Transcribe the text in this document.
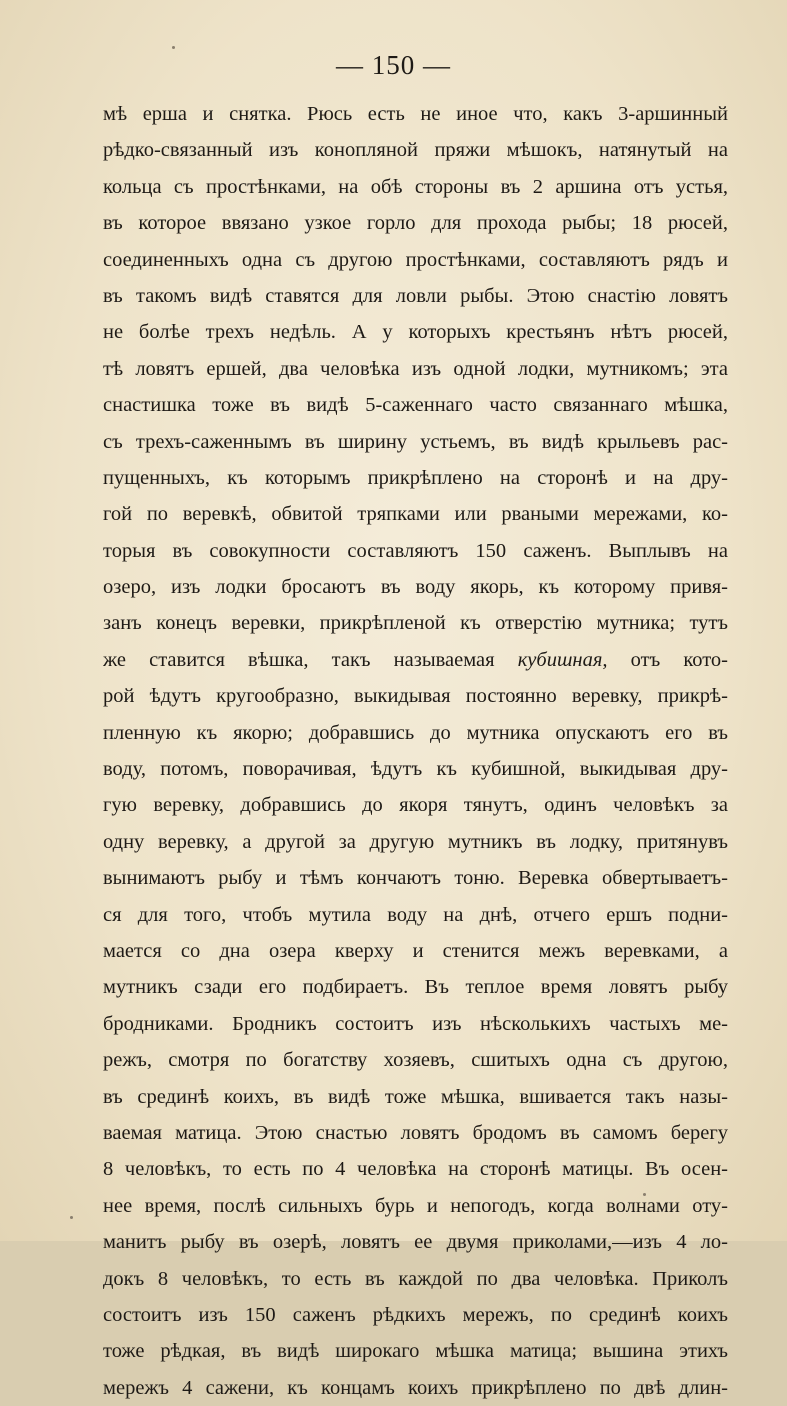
— 150 —
мѣ ерша и снятка. Рюсь есть не иное что, какъ 3-аршинный
рѣдко-связанный изъ конопляной пряжи мѣшокъ, натянутый на
кольца съ простѣнками, на обѣ стороны въ 2 аршина отъ устья,
въ которое ввязано узкое горло для прохода рыбы; 18 рюсей,
соединенныхъ одна съ другою простѣнками, составляютъ рядъ и
въ такомъ видѣ ставятся для ловли рыбы. Этою снастію ловятъ
не болѣе трехъ недѣль. А у которыхъ крестьянъ нѣтъ рюсей,
тѣ ловятъ ершей, два человѣка изъ одной лодки, мутникомъ; эта
снастишка тоже въ видѣ 5-саженнаго часто связаннаго мѣшка,
съ трехъ-саженнымъ въ ширину устьемъ, въ видѣ крыльевъ рас-
пущенныхъ, къ которымъ прикрѣплено на сторонѣ и на дру-
гой по веревкѣ, обвитой тряпками или рваными мережами, ко-
торыя въ совокупности составляютъ 150 саженъ. Выплывъ на
озеро, изъ лодки бросаютъ въ воду якорь, къ которому привя-
занъ конецъ веревки, прикрѣпленой къ отверстію мутника; тутъ
же ставится вѣшка, такъ называемая кубишная, отъ кото-
рой ѣдутъ кругообразно, выкидывая постоянно веревку, прикрѣ-
пленную къ якорю; добравшись до мутника опускаютъ его въ
воду, потомъ, поворачивая, ѣдутъ къ кубишной, выкидывая дру-
гую веревку, добравшись до якоря тянутъ, одинъ человѣкъ за
одну веревку, а другой за другую мутникъ въ лодку, притянувъ
вынимаютъ рыбу и тѣмъ кончаютъ тоню. Веревка обвертываетъ-
ся для того, чтобъ мутила воду на днѣ, отчего ершъ подни-
мается со дна озера кверху и стенится межъ веревками, а
мутникъ сзади его подбираетъ. Въ теплое время ловятъ рыбу
бродниками. Бродникъ состоитъ изъ нѣсколькихъ частыхъ ме-
режъ, смотря по богатству хозяевъ, сшитыхъ одна съ другою,
въ срединѣ коихъ, въ видѣ тоже мѣшка, вшивается такъ назы-
ваемая матица. Этою снастью ловятъ бродомъ въ самомъ берегу
8 человѣкъ, то есть по 4 человѣка на сторонѣ матицы. Въ осен-
нее время, послѣ сильныхъ бурь и непогодъ, когда волнами оту-
манитъ рыбу въ озерѣ, ловятъ ее двумя приколами,—изъ 4 ло-
докъ 8 человѣкъ, то есть въ каждой по два человѣка. Приколъ
состоитъ изъ 150 саженъ рѣдкихъ мережъ, по срединѣ коихъ
тоже рѣдкая, въ видѣ широкаго мѣшка матица; вышина этихъ
мережъ 4 сажени, къ концамъ коихъ прикрѣплено по двѣ длин-
